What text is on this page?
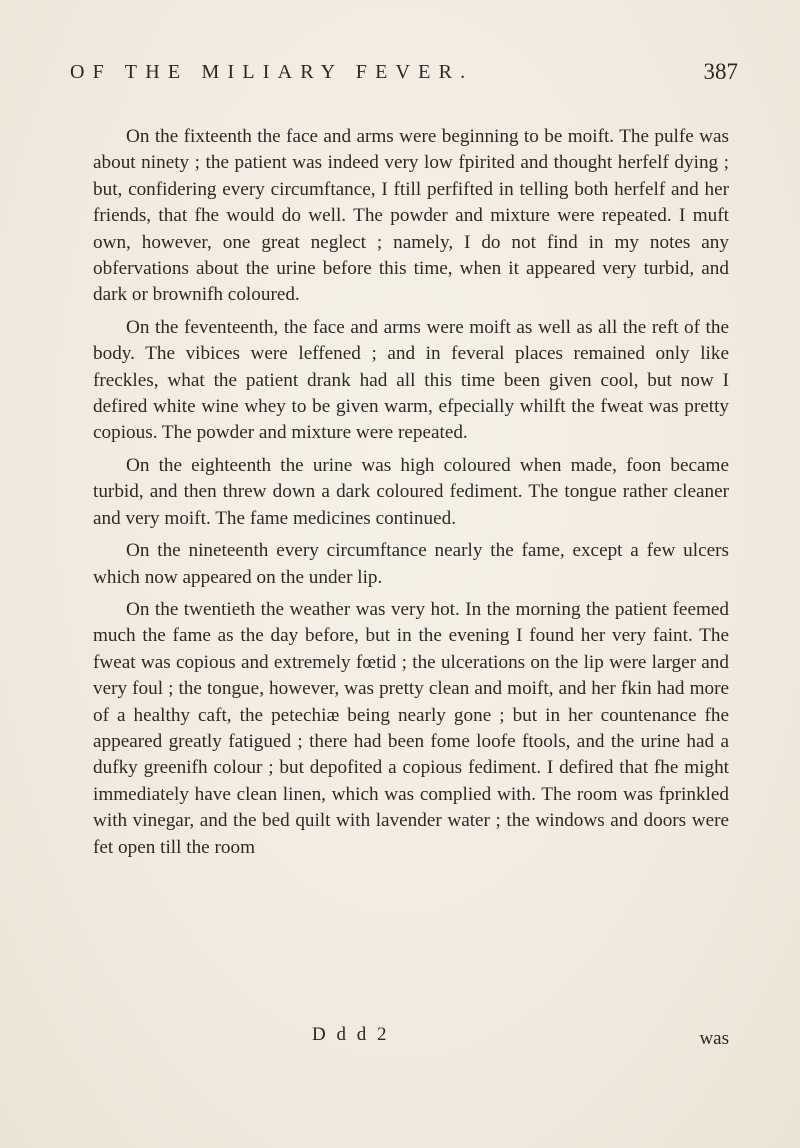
OF THE MILIARY FEVER.	387

On the fixteenth the face and arms were beginning to be moift. The pulfe was about ninety ; the patient was indeed very low fpirited and thought herfelf dying ; but, confidering every circumftance, I ftill perfifted in telling both herfelf and her friends, that fhe would do well. The powder and mixture were repeated. I muft own, however, one great neglect ; namely, I do not find in my notes any obfervations about the urine before this time, when it appeared very turbid, and dark or brownifh coloured.

On the feventeenth, the face and arms were moift as well as all the reft of the body. The vibices were leffened ; and in feveral places remained only like freckles, what the patient drank had all this time been given cool, but now I defired white wine whey to be given warm, efpecially whilft the fweat was pretty copious. The powder and mixture were repeated.

On the eighteenth the urine was high coloured when made, foon became turbid, and then threw down a dark coloured fediment. The tongue rather cleaner and very moift. The fame medicines continued.

On the nineteenth every circumftance nearly the fame, except a few ulcers which now appeared on the under lip.

On the twentieth the weather was very hot. In the morning the patient feemed much the fame as the day before, but in the evening I found her very faint. The fweat was copious and extremely fœtid ; the ulcerations on the lip were larger and very foul ; the tongue, however, was pretty clean and moift, and her fkin had more of a healthy caft, the petechiæ being nearly gone ; but in her countenance fhe appeared greatly fatigued ; there had been fome loofe ftools, and the urine had a dufky greenifh colour ; but depofited a copious fediment. I defired that fhe might immediately have clean linen, which was complied with. The room was fprinkled with vinegar, and the bed quilt with lavender water ; the windows and doors were fet open till the room

D d d 2	was
